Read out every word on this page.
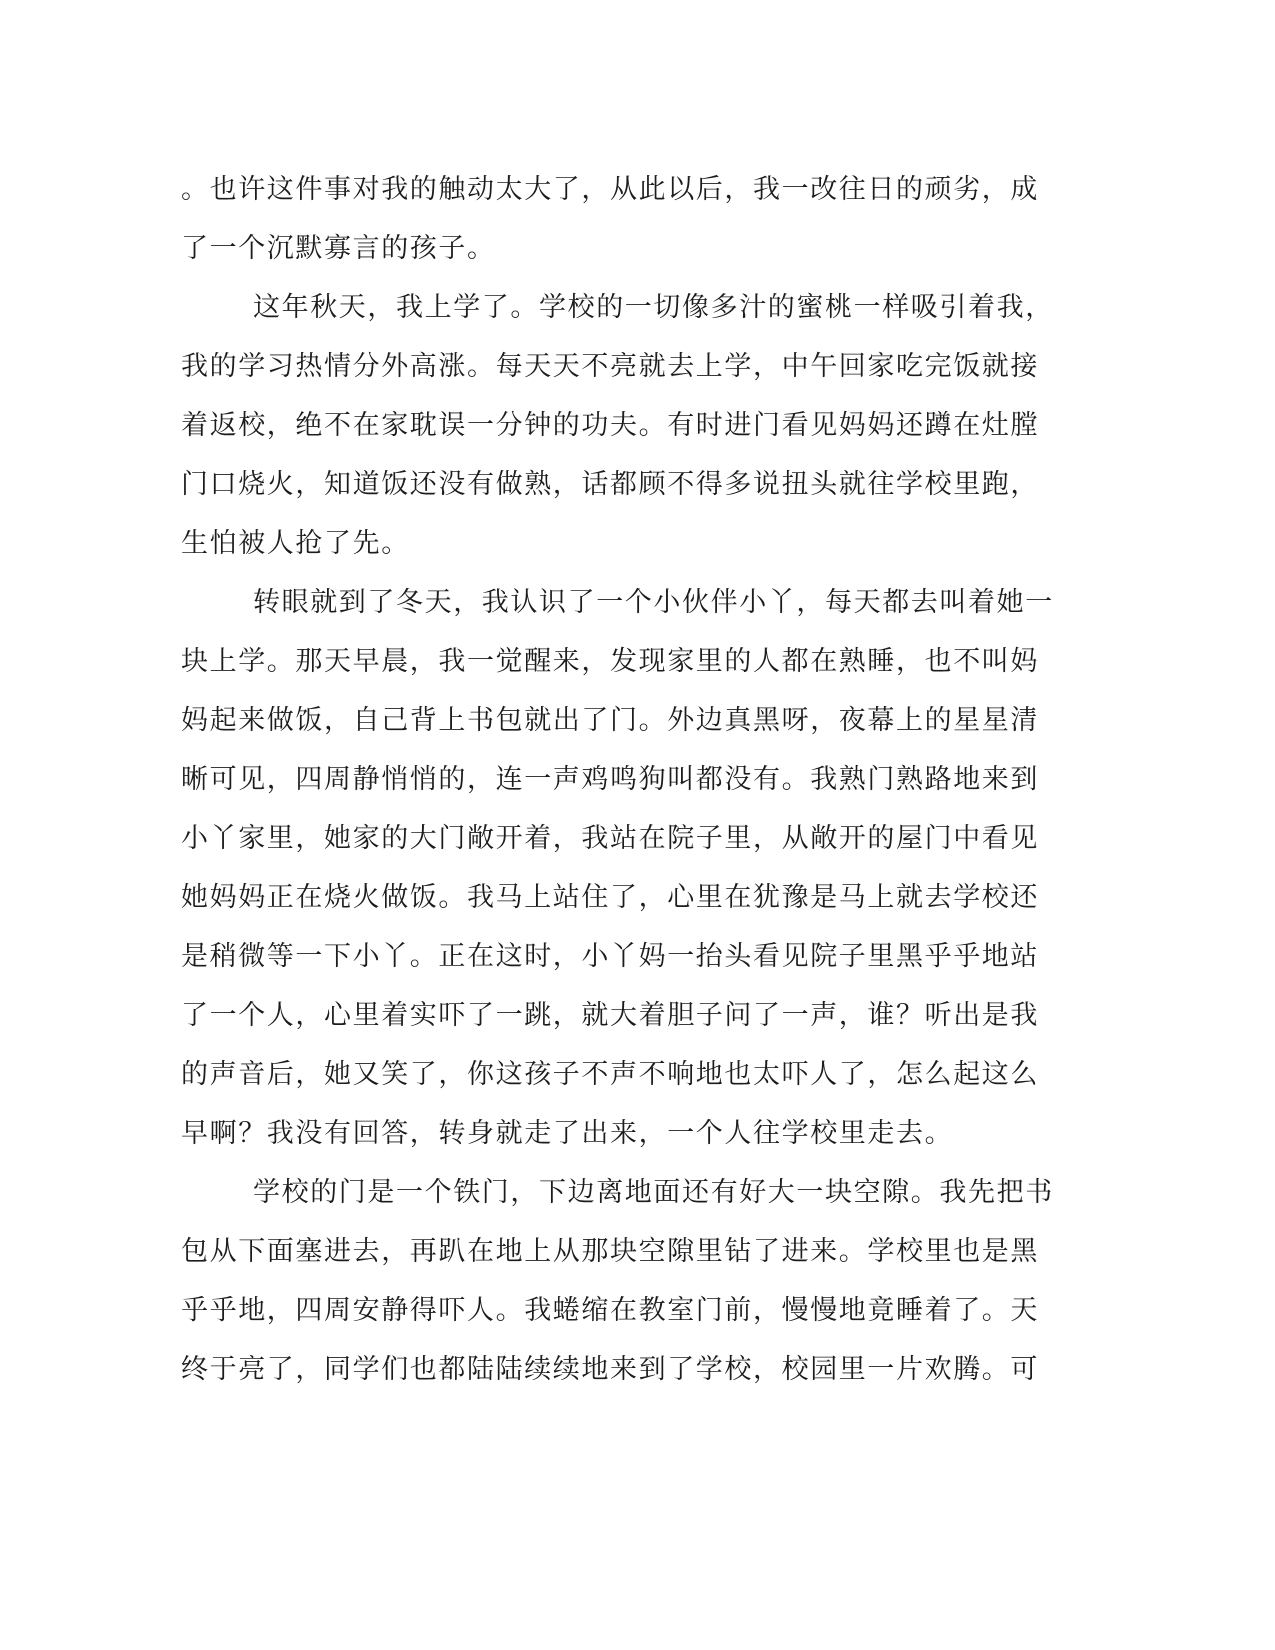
。也许这件事对我的触动太大了，从此以后，我一改往日的顽劣，成
了一个沉默寡言的孩子。
这年秋天，我上学了。学校的一切像多汁的蜜桃一样吸引着我，
我的学习热情分外高涨。每天天不亮就去上学，中午回家吃完饭就接
着返校，绝不在家耽误一分钟的功夫。有时进门看见妈妈还蹲在灶膛
门口烧火，知道饭还没有做熟，话都顾不得多说扭头就往学校里跑，
生怕被人抢了先。
转眼就到了冬天，我认识了一个小伙伴小丫，每天都去叫着她一
块上学。那天早晨，我一觉醒来，发现家里的人都在熟睡，也不叫妈
妈起来做饭，自己背上书包就出了门。外边真黑呀，夜幕上的星星清
晰可见，四周静悄悄的，连一声鸡鸣狗叫都没有。我熟门熟路地来到
小丫家里，她家的大门敞开着，我站在院子里，从敞开的屋门中看见
她妈妈正在烧火做饭。我马上站住了，心里在犹豫是马上就去学校还
是稍微等一下小丫。正在这时，小丫妈一抬头看见院子里黑乎乎地站
了一个人，心里着实吓了一跳，就大着胆子问了一声，谁？听出是我
的声音后，她又笑了，你这孩子不声不响地也太吓人了，怎么起这么
早啊？我没有回答，转身就走了出来，一个人往学校里走去。
学校的门是一个铁门，下边离地面还有好大一块空隙。我先把书
包从下面塞进去，再趴在地上从那块空隙里钻了进来。学校里也是黑
乎乎地，四周安静得吓人。我蜷缩在教室门前，慢慢地竟睡着了。天
终于亮了，同学们也都陆陆续续地来到了学校，校园里一片欢腾。可
